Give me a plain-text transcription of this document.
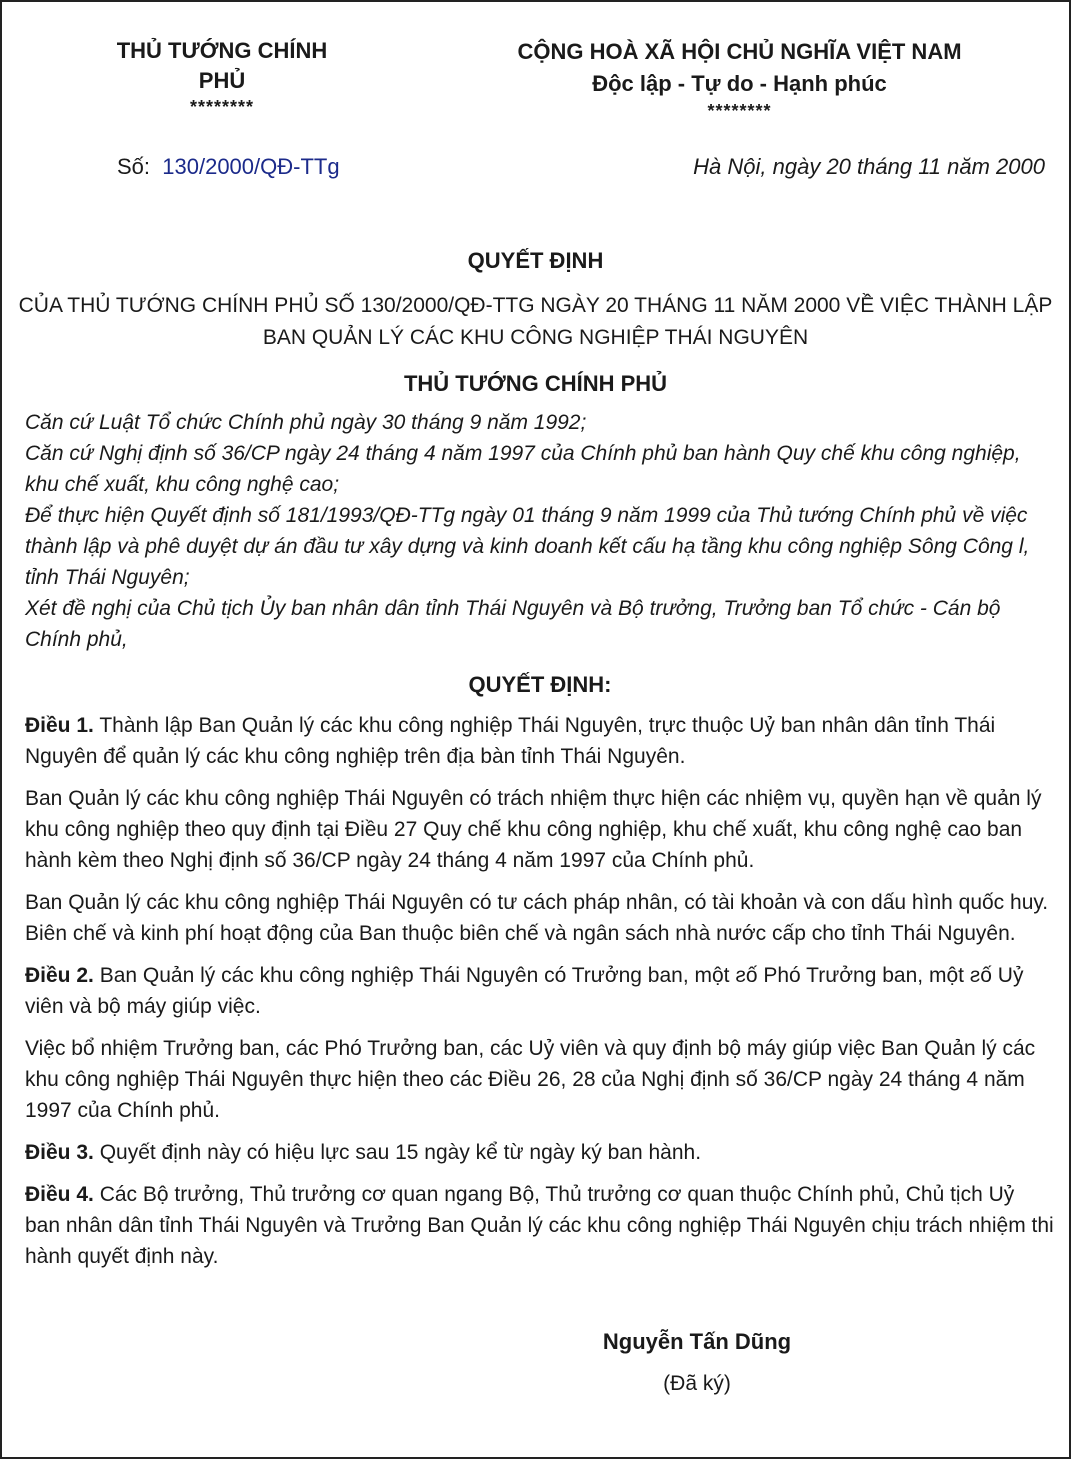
THỦ TƯỚNG CHÍNH PHỦ
********
CỘNG HOÀ XÃ HỘI CHỦ NGHĨA VIỆT NAM
Độc lập - Tự do - Hạnh phúc
********
Số: 130/2000/QĐ-TTg	Hà Nội, ngày 20 tháng 11 năm 2000
QUYẾT ĐỊNH
CỦA THỦ TƯỚNG CHÍNH PHỦ SỐ 130/2000/QĐ-TTG NGÀY 20 THÁNG 11 NĂM 2000 VỀ VIỆC THÀNH LẬP
BAN QUẢN LÝ CÁC KHU CÔNG NGHIỆP THÁI NGUYÊN
THỦ TƯỚNG CHÍNH PHỦ

Căn cứ Luật Tổ chức Chính phủ ngày 30 tháng 9 năm 1992;

Căn cứ Nghị định số 36/CP ngày 24 tháng 4 năm 1997 của Chính phủ ban hành Quy chế khu công nghiệp, khu chế xuất, khu công nghệ cao;

Để thực hiện Quyết định số 181/1993/QĐ-TTg ngày 01 tháng 9 năm 1999 của Thủ tướng Chính phủ về việc thành lập và phê duyệt dự án đầu tư xây dựng và kinh doanh kết cấu hạ tầng khu công nghiệp Sông Công l, tỉnh Thái Nguyên;

Xét đề nghị của Chủ tịch Ủy ban nhân dân tỉnh Thái Nguyên và Bộ trưởng, Trưởng ban Tổ chức - Cán bộ Chính phủ,

QUYẾT ĐỊNH:

Điều 1. Thành lập Ban Quản lý các khu công nghiệp Thái Nguyên, trực thuộc Uỷ ban nhân dân tỉnh Thái Nguyên để quản lý các khu công nghiệp trên địa bàn tỉnh Thái Nguyên.

Ban Quản lý các khu công nghiệp Thái Nguyên có trách nhiệm thực hiện các nhiệm vụ, quyền hạn về quản lý khu công nghiệp theo quy định tại Điều 27 Quy chế khu công nghiệp, khu chế xuất, khu công nghệ cao ban hành kèm theo Nghị định số 36/CP ngày 24 tháng 4 năm 1997 của Chính phủ.

Ban Quản lý các khu công nghiệp Thái Nguyên có tư cách pháp nhân, có tài khoản và con dấu hình quốc huy. Biên chế và kinh phí hoạt động của Ban thuộc biên chế và ngân sách nhà nước cấp cho tỉnh Thái Nguyên.

Điều 2. Ban Quản lý các khu công nghiệp Thái Nguyên có Trưởng ban, một ƨố Phó Trưởng ban, một ƨố Uỷ viên và bộ máy giúp việc.

Việc bổ nhiệm Trưởng ban, các Phó Trưởng ban, các Uỷ viên và quy định bộ máy giúp việc Ban Quản lý các khu công nghiệp Thái Nguyên thực hiện theo các Điều 26, 28 của Nghị định số 36/CP ngày 24 tháng 4 năm 1997 của Chính phủ.

Điều 3. Quyết định này có hiệu lực sau 15 ngày kể từ ngày ký ban hành.

Điều 4. Các Bộ trưởng, Thủ trưởng cơ quan ngang Bộ, Thủ trưởng cơ quan thuộc Chính phủ, Chủ tịch Uỷ ban nhân dân tỉnh Thái Nguyên và Trưởng Ban Quản lý các khu công nghiệp Thái Nguyên chịu trách nhiệm thi hành quyết định này.

Nguyễn Tấn Dũng
(Đã ký)
